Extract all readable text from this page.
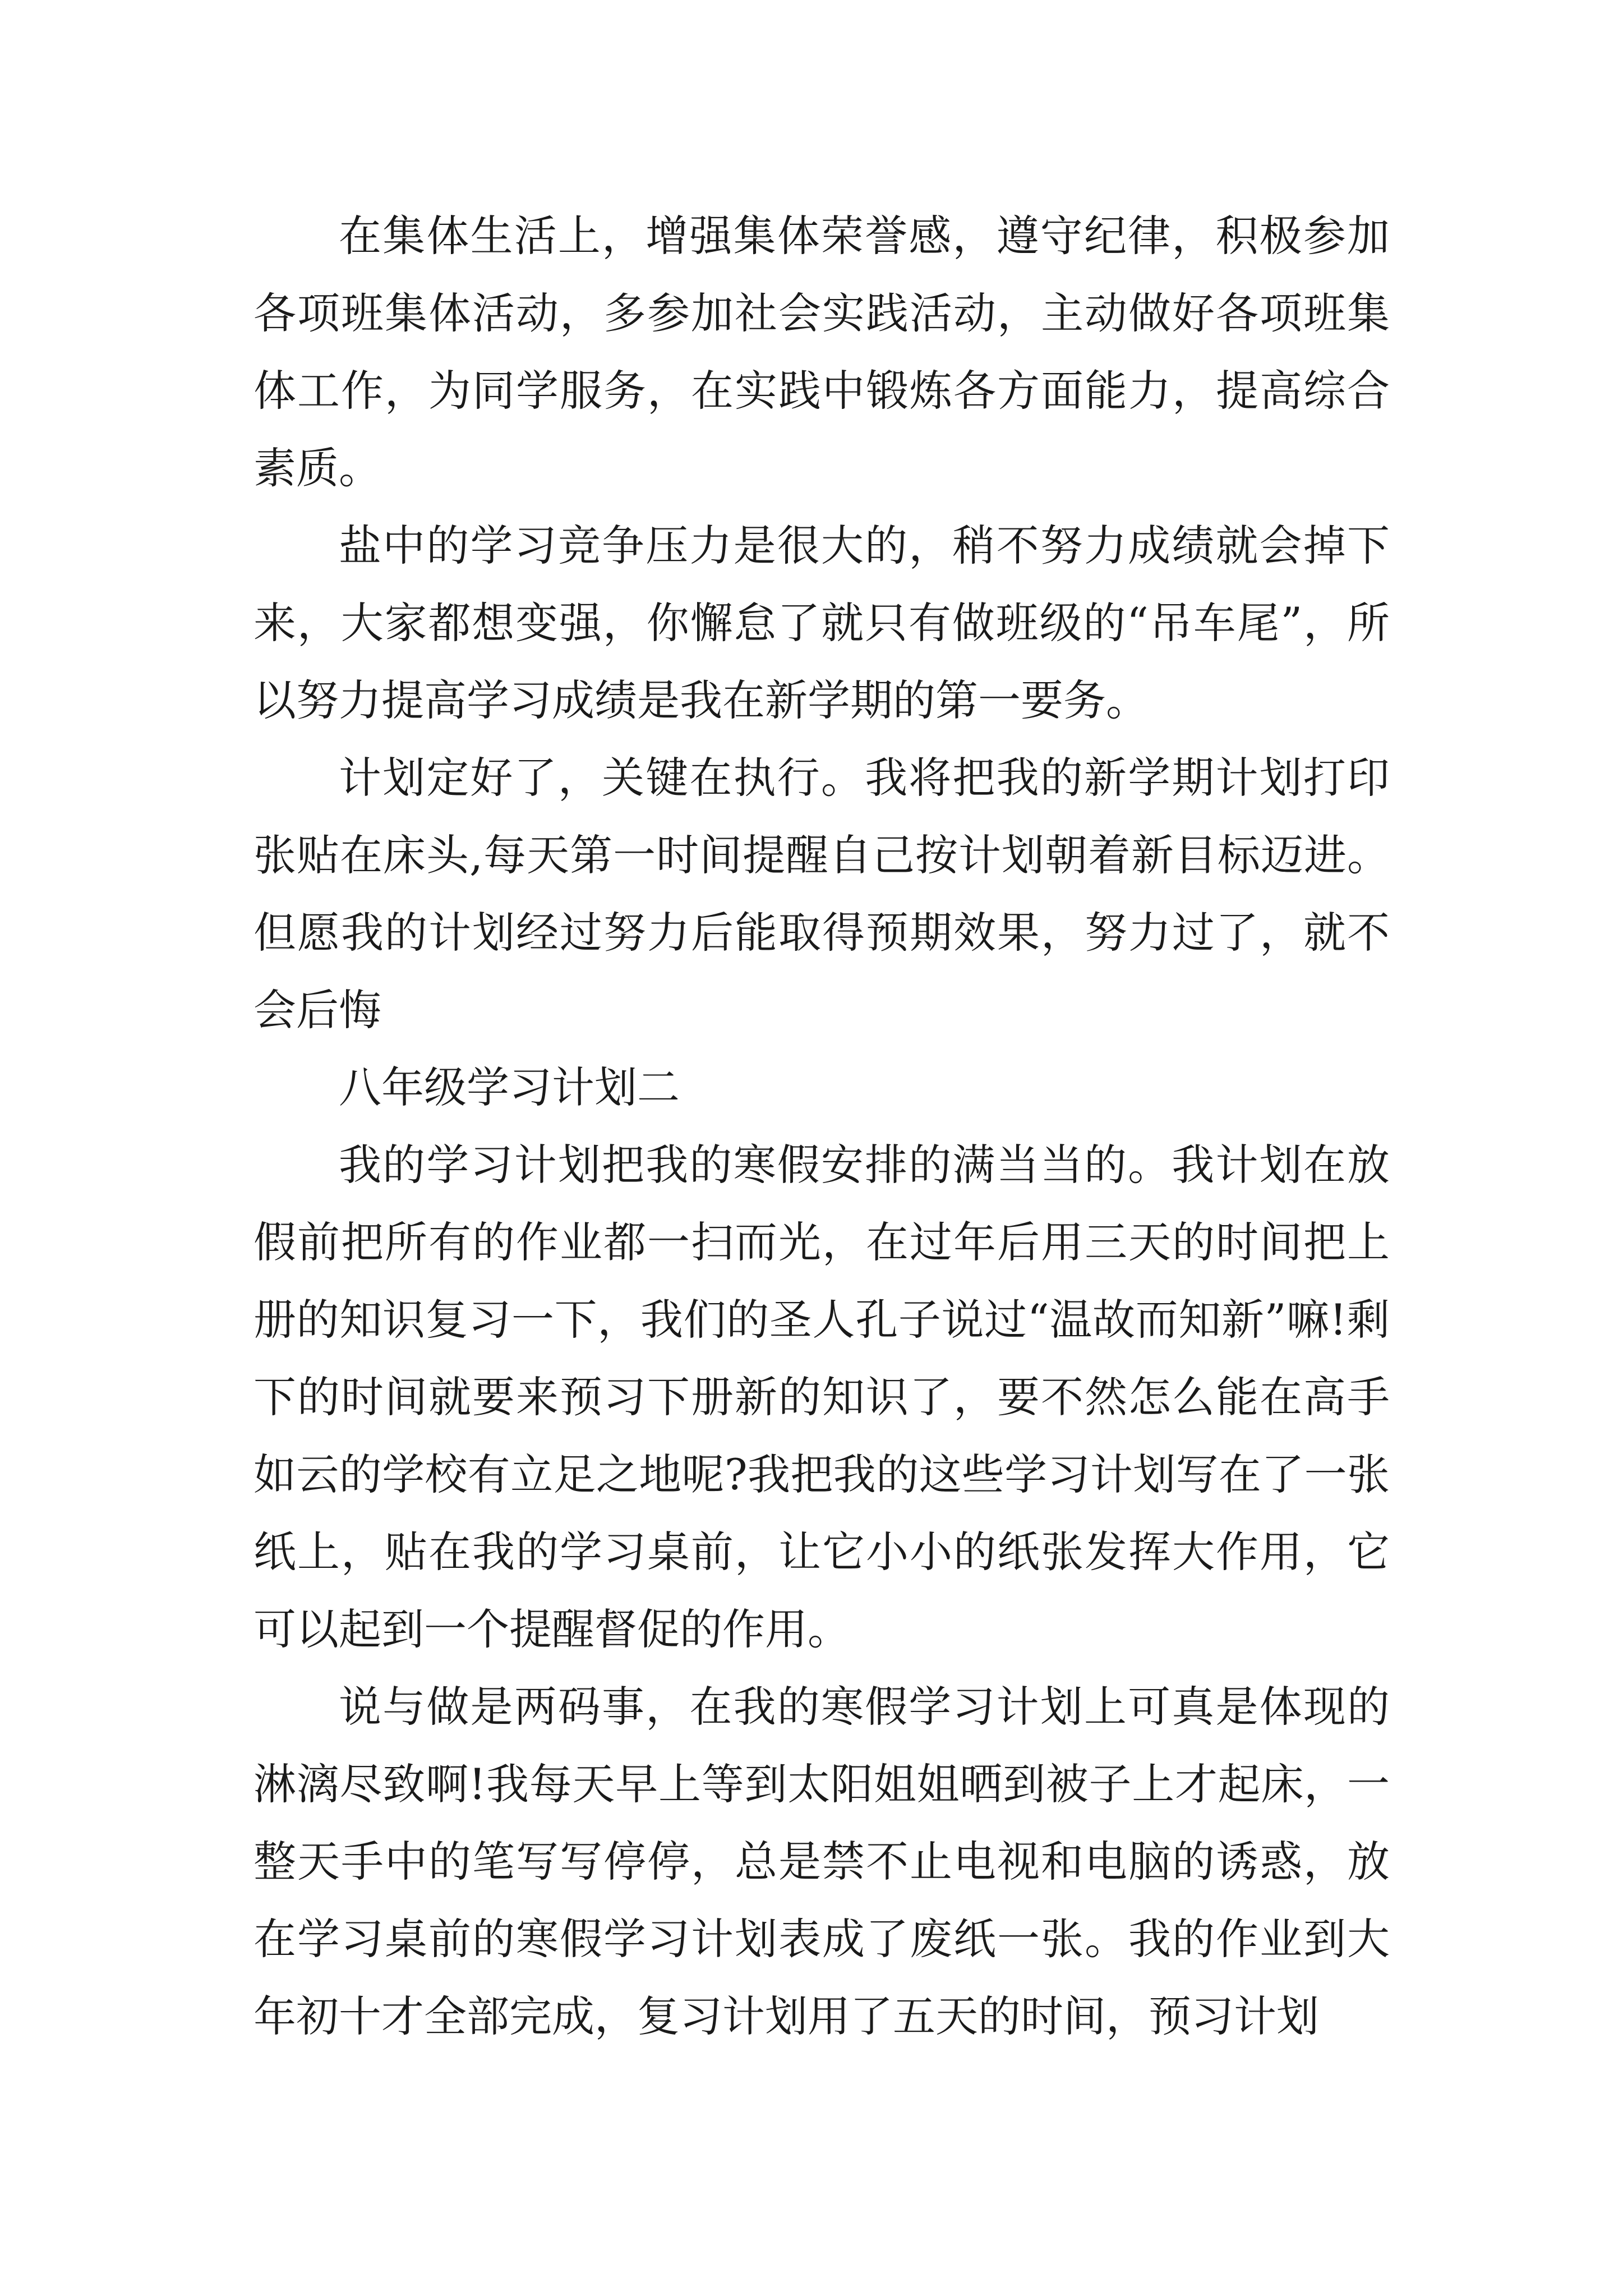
在集体生活上，增强集体荣誉感，遵守纪律，积极参加各项班集体活动，多参加社会实践活动，主动做好各项班集体工作，为同学服务，在实践中锻炼各方面能力，提高综合素质。

盐中的学习竞争压力是很大的，稍不努力成绩就会掉下来，大家都想变强，你懈怠了就只有做班级的“吊车尾”，所以努力提高学习成绩是我在新学期的第一要务。

计划定好了，关键在执行。我将把我的新学期计划打印张贴在床头,每天第一时间提醒自己按计划朝着新目标迈进。但愿我的计划经过努力后能取得预期效果，努力过了，就不会后悔

八年级学习计划二

我的学习计划把我的寒假安排的满当当的。我计划在放假前把所有的作业都一扫而光，在过年后用三天的时间把上册的知识复习一下，我们的圣人孔子说过“温故而知新”嘛!剩下的时间就要来预习下册新的知识了，要不然怎么能在高手如云的学校有立足之地呢?我把我的这些学习计划写在了一张纸上，贴在我的学习桌前，让它小小的纸张发挥大作用，它可以起到一个提醒督促的作用。

说与做是两码事，在我的寒假学习计划上可真是体现的淋漓尽致啊!我每天早上等到太阳姐姐晒到被子上才起床，一整天手中的笔写写停停，总是禁不止电视和电脑的诱惑，放在学习桌前的寒假学习计划表成了废纸一张。我的作业到大年初十才全部完成，复习计划用了五天的时间，预习计划
